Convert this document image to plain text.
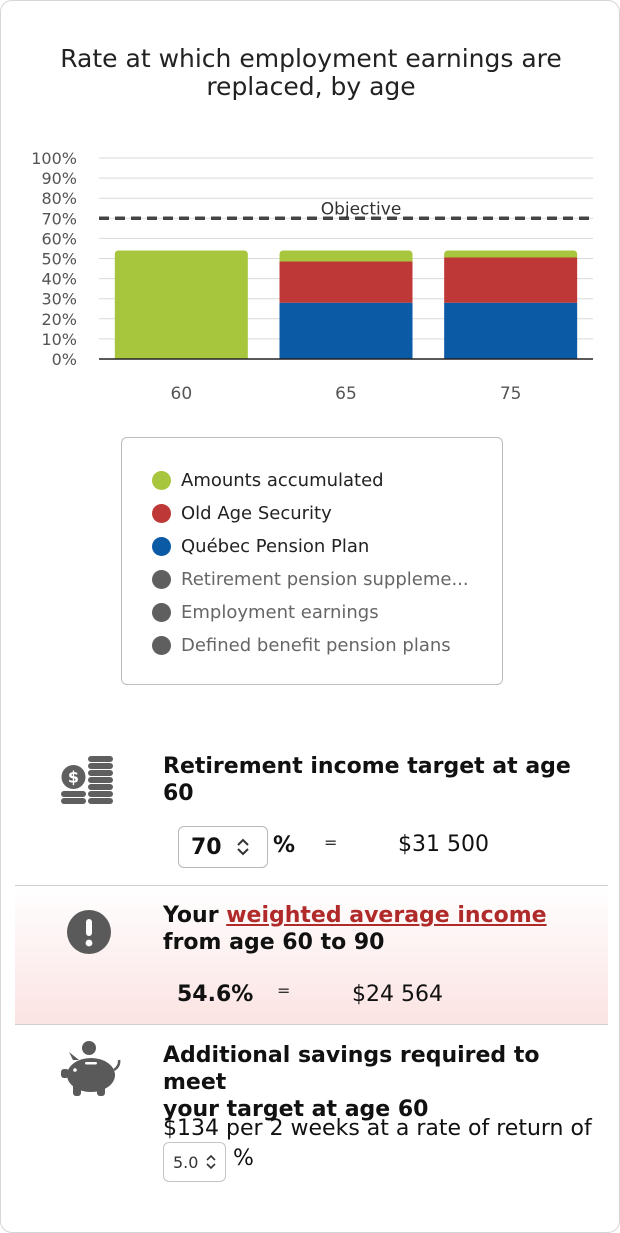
Rate at which employment earnings are
replaced, by age
100%
90%
80%
70%
60%
50%
40%
30%
20%
10%
0%
60	65	75
Objective
Amounts accumulated
Old Age Security
Québec Pension Plan
Retirement pension suppleme...
Employment earnings
Defined benefit pension plans
$	Retirement income target at age 60
70	% =	$31 500
Your weighted average income
from age 60 to 90
54.6% =	$24 564
Additional savings required to meet
your target at age 60
$134 per 2 weeks at a rate of return of
5.0 %
